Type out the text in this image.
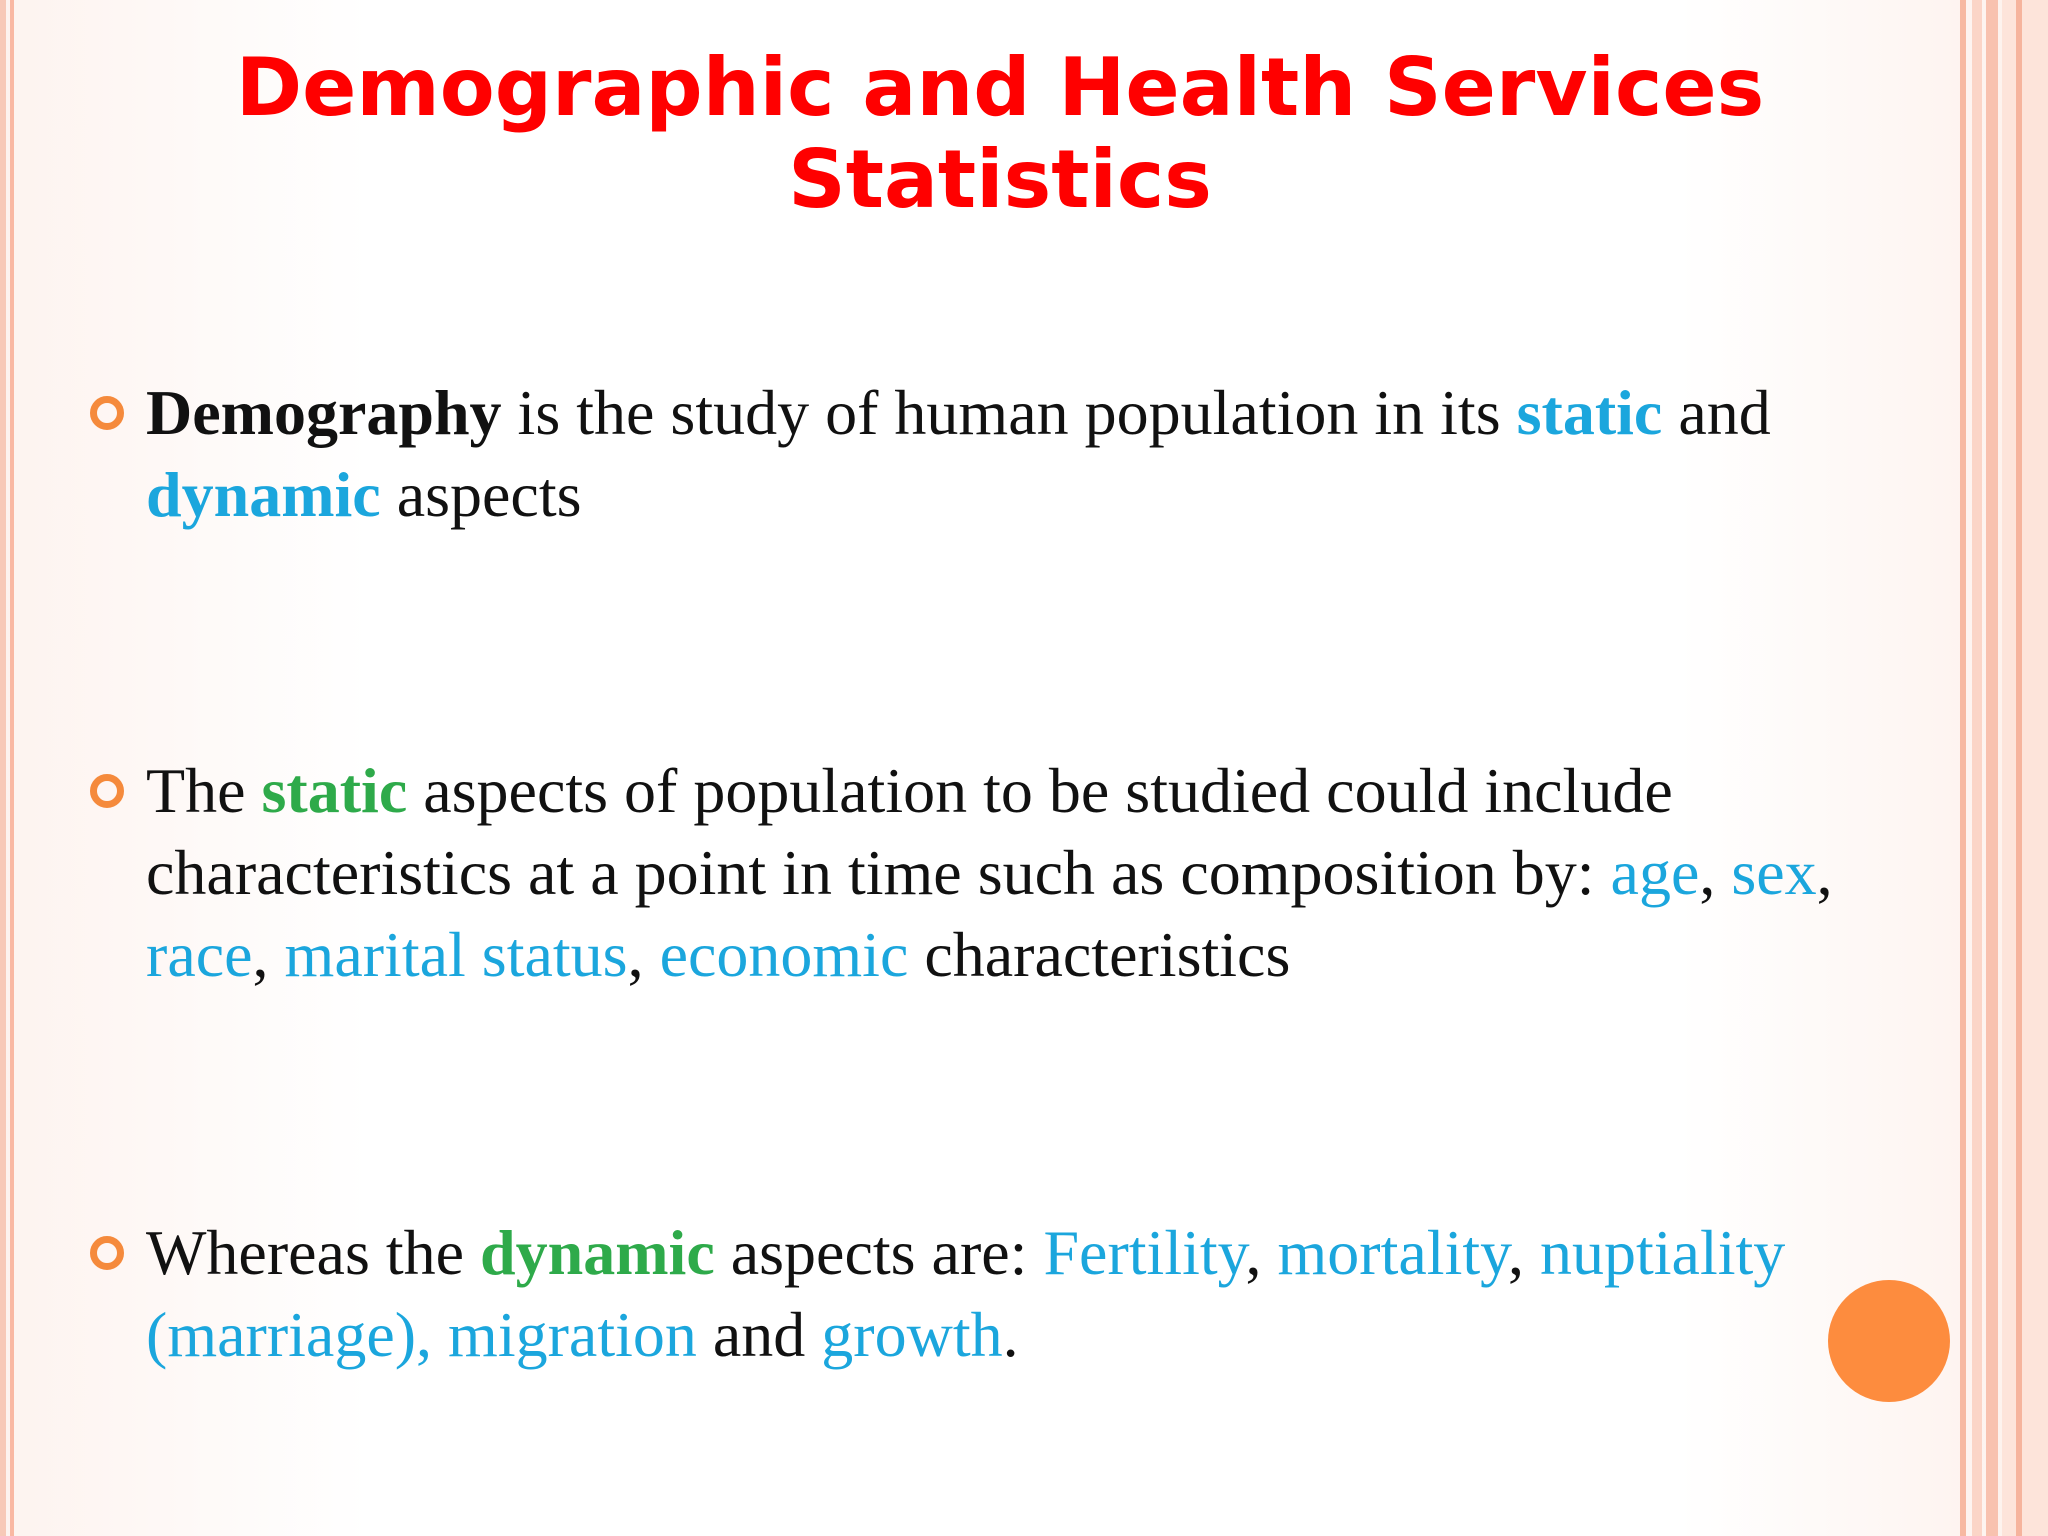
Demographic and Health Services
Statistics
Demography is the study of human population in its static and dynamic aspects
The static aspects of population to be studied could include characteristics at a point in time such as composition by: age, sex, race, marital status, economic characteristics
Whereas the dynamic aspects are: Fertility, mortality, nuptiality (marriage), migration and growth.
